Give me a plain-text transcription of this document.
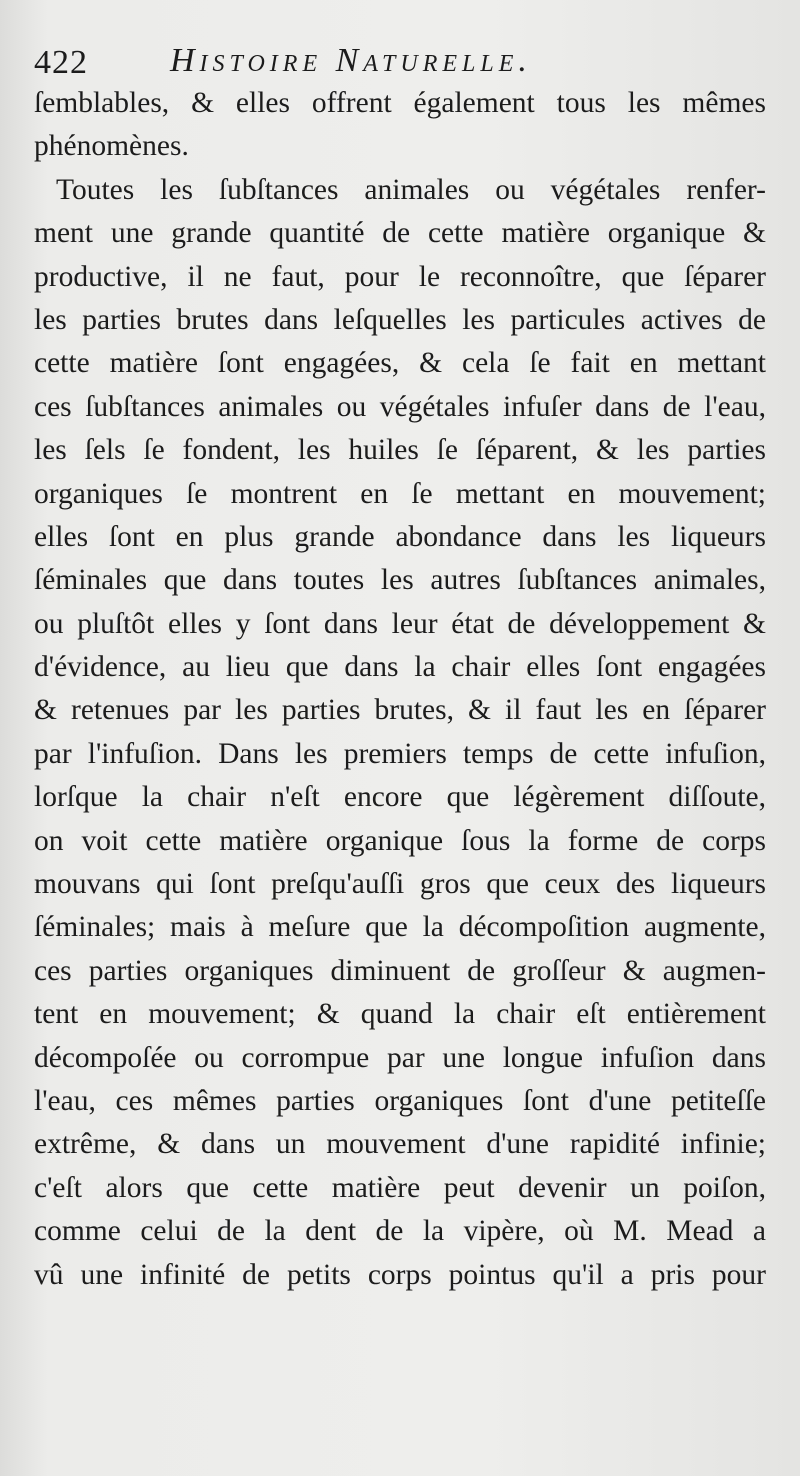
422 Histoire Naturelle.
ſemblables, & elles offrent également tous les mêmes
phénomènes.
Toutes les ſubſtances animales ou végétales renfer-
ment une grande quantité de cette matière organique &
productive, il ne faut, pour le reconnoître, que ſéparer
les parties brutes dans leſquelles les particules actives de
cette matière ſont engagées, & cela ſe fait en mettant
ces ſubſtances animales ou végétales infuſer dans de l'eau,
les ſels ſe fondent, les huiles ſe ſéparent, & les parties
organiques ſe montrent en ſe mettant en mouvement;
elles ſont en plus grande abondance dans les liqueurs
ſéminales que dans toutes les autres ſubſtances animales,
ou pluſtôt elles y ſont dans leur état de développement &
d'évidence, au lieu que dans la chair elles ſont engagées
& retenues par les parties brutes, & il faut les en ſéparer
par l'infuſion. Dans les premiers temps de cette infuſion,
lorſque la chair n'eſt encore que légèrement diſſoute,
on voit cette matière organique ſous la forme de corps
mouvans qui ſont preſqu'auſſi gros que ceux des liqueurs
ſéminales; mais à meſure que la décompoſition augmente,
ces parties organiques diminuent de groſſeur & augmen-
tent en mouvement; & quand la chair eſt entièrement
décompoſée ou corrompue par une longue infuſion dans
l'eau, ces mêmes parties organiques ſont d'une petiteſſe
extrême, & dans un mouvement d'une rapidité infinie;
c'eſt alors que cette matière peut devenir un poiſon,
comme celui de la dent de la vipère, où M. Mead a
vû une infinité de petits corps pointus qu'il a pris pour
